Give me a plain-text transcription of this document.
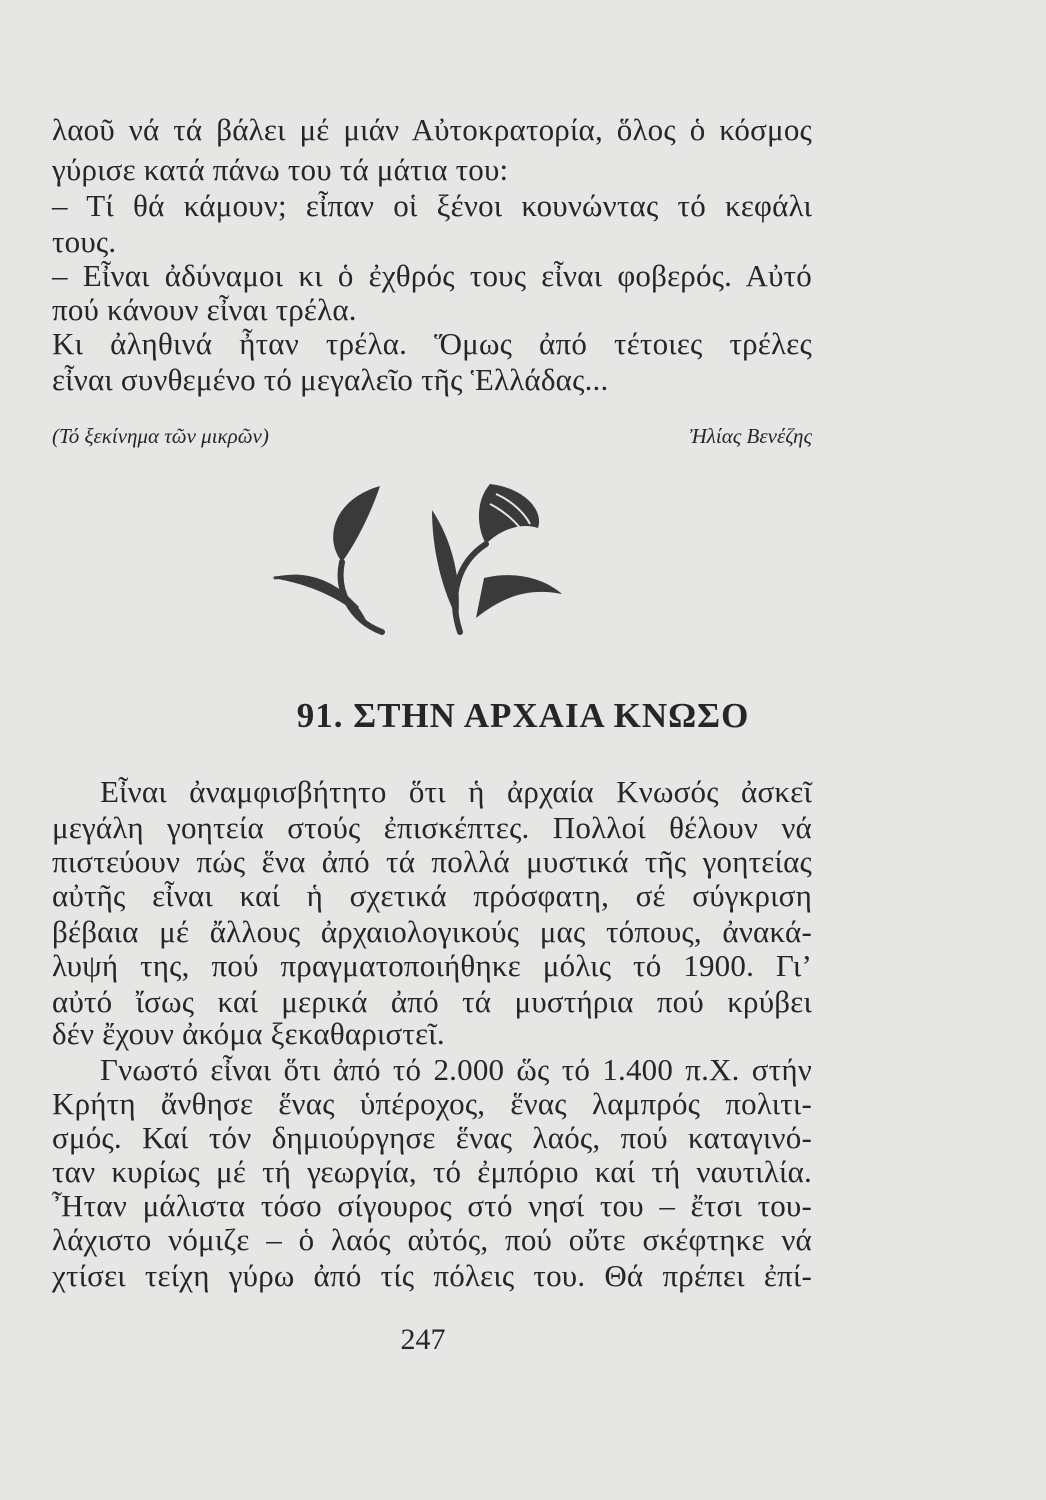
λαοῦ νά τά βάλει μέ μιάν Αὐτοκρατορία, ὅλος ὁ κόσμος
γύρισε κατά πάνω του τά μάτια του:
– Τί θά κάμουν; εἶπαν οἱ ξένοι κουνώντας τό κεφάλι
τους.
– Εἶναι ἀδύναμοι κι ὁ ἐχθρός τους εἶναι φοβερός. Αὐτό
πού κάνουν εἶναι τρέλα.
Κι ἀληθινά ἦταν τρέλα. Ὅμως ἀπό τέτοιες τρέλες
εἶναι συνθεμένο τό μεγαλεῖο τῆς Ἑλλάδας...
(Τό ξεκίνημα τῶν μικρῶν)	Ἠλίας Βενέζης
91. ΣΤΗΝ ΑΡΧΑΙΑ ΚΝΩΣΟ
Εἶναι ἀναμφισβήτητο ὅτι ἡ ἀρχαία Κνωσός ἀσκεῖ
μεγάλη γοητεία στούς ἐπισκέπτες. Πολλοί θέλουν νά
πιστεύουν πώς ἕνα ἀπό τά πολλά μυστικά τῆς γοητείας
αὐτῆς εἶναι καί ἡ σχετικά πρόσφατη, σέ σύγκριση
βέβαια μέ ἄλλους ἀρχαιολογικούς μας τόπους, ἀνακά-
λυψή της, πού πραγματοποιήθηκε μόλις τό 1900. Γι’
αὐτό ἴσως καί μερικά ἀπό τά μυστήρια πού κρύβει
δέν ἔχουν ἀκόμα ξεκαθαριστεῖ.
Γνωστό εἶναι ὅτι ἀπό τό 2.000 ὥς τό 1.400 π.Χ. στήν
Κρήτη ἄνθησε ἕνας ὑπέροχος, ἕνας λαμπρός πολιτι-
σμός. Καί τόν δημιούργησε ἕνας λαός, πού καταγινό-
ταν κυρίως μέ τή γεωργία, τό ἐμπόριο καί τή ναυτιλία.
Ἦταν μάλιστα τόσο σίγουρος στό νησί του – ἔτσι του-
λάχιστο νόμιζε – ὁ λαός αὐτός, πού οὔτε σκέφτηκε νά
χτίσει τείχη γύρω ἀπό τίς πόλεις του. Θά πρέπει ἐπί-
247
